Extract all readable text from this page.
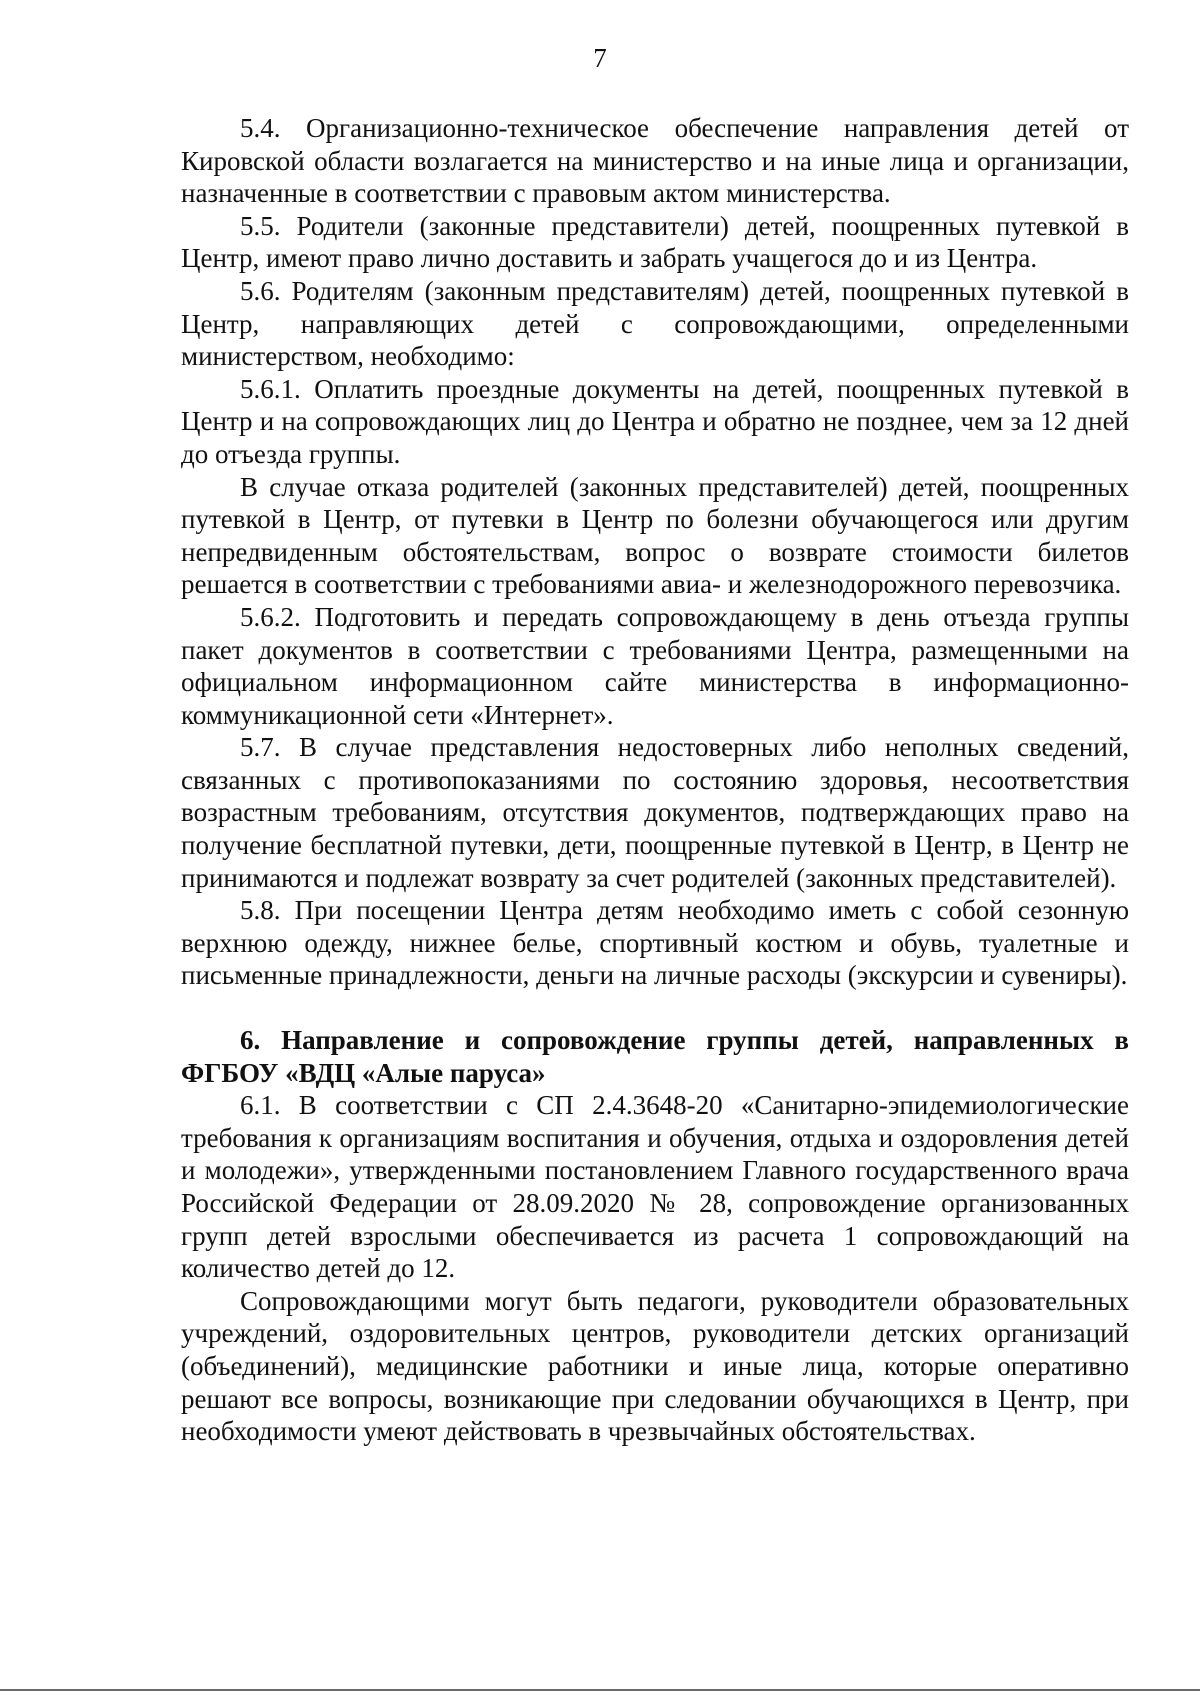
7

5.4. Организационно-техническое обеспечение направления детей от Кировской области возлагается на министерство и на иные лица и организации, назначенные в соответствии с правовым актом министерства.

5.5. Родители (законные представители) детей, поощренных путевкой в Центр, имеют право лично доставить и забрать учащегося до и из Центра.

5.6. Родителям (законным представителям) детей, поощренных путевкой в Центр, направляющих детей с сопровождающими, определенными министерством, необходимо:

5.6.1. Оплатить проездные документы на детей, поощренных путевкой в Центр и на сопровождающих лиц до Центра и обратно не позднее, чем за 12 дней до отъезда группы.

В случае отказа родителей (законных представителей) детей, поощренных путевкой в Центр, от путевки в Центр по болезни обучающегося или другим непредвиденным обстоятельствам, вопрос о возврате стоимости билетов решается в соответствии с требованиями авиа- и железнодорожного перевозчика.

5.6.2. Подготовить и передать сопровождающему в день отъезда группы пакет документов в соответствии с требованиями Центра, размещенными на официальном информационном сайте министерства в информационно-коммуникационной сети «Интернет».

5.7. В случае представления недостоверных либо неполных сведений, связанных с противопоказаниями по состоянию здоровья, несоответствия возрастным требованиям, отсутствия документов, подтверждающих право на получение бесплатной путевки, дети, поощренные путевкой в Центр, в Центр не принимаются и подлежат возврату за счет родителей (законных представителей).

5.8. При посещении Центра детям необходимо иметь с собой сезонную верхнюю одежду, нижнее белье, спортивный костюм и обувь, туалетные и письменные принадлежности, деньги на личные расходы (экскурсии и сувениры).

6. Направление и сопровождение группы детей, направленных в ФГБОУ «ВДЦ «Алые паруса»

6.1. В соответствии с СП 2.4.3648-20 «Санитарно-эпидемиологические требования к организациям воспитания и обучения, отдыха и оздоровления детей и молодежи», утвержденными постановлением Главного государственного врача Российской Федерации от 28.09.2020 № 28, сопровождение организованных групп детей взрослыми обеспечивается из расчета 1 сопровождающий на количество детей до 12.

Сопровождающими могут быть педагоги, руководители образовательных учреждений, оздоровительных центров, руководители детских организаций (объединений), медицинские работники и иные лица, которые оперативно решают все вопросы, возникающие при следовании обучающихся в Центр, при необходимости умеют действовать в чрезвычайных обстоятельствах.
